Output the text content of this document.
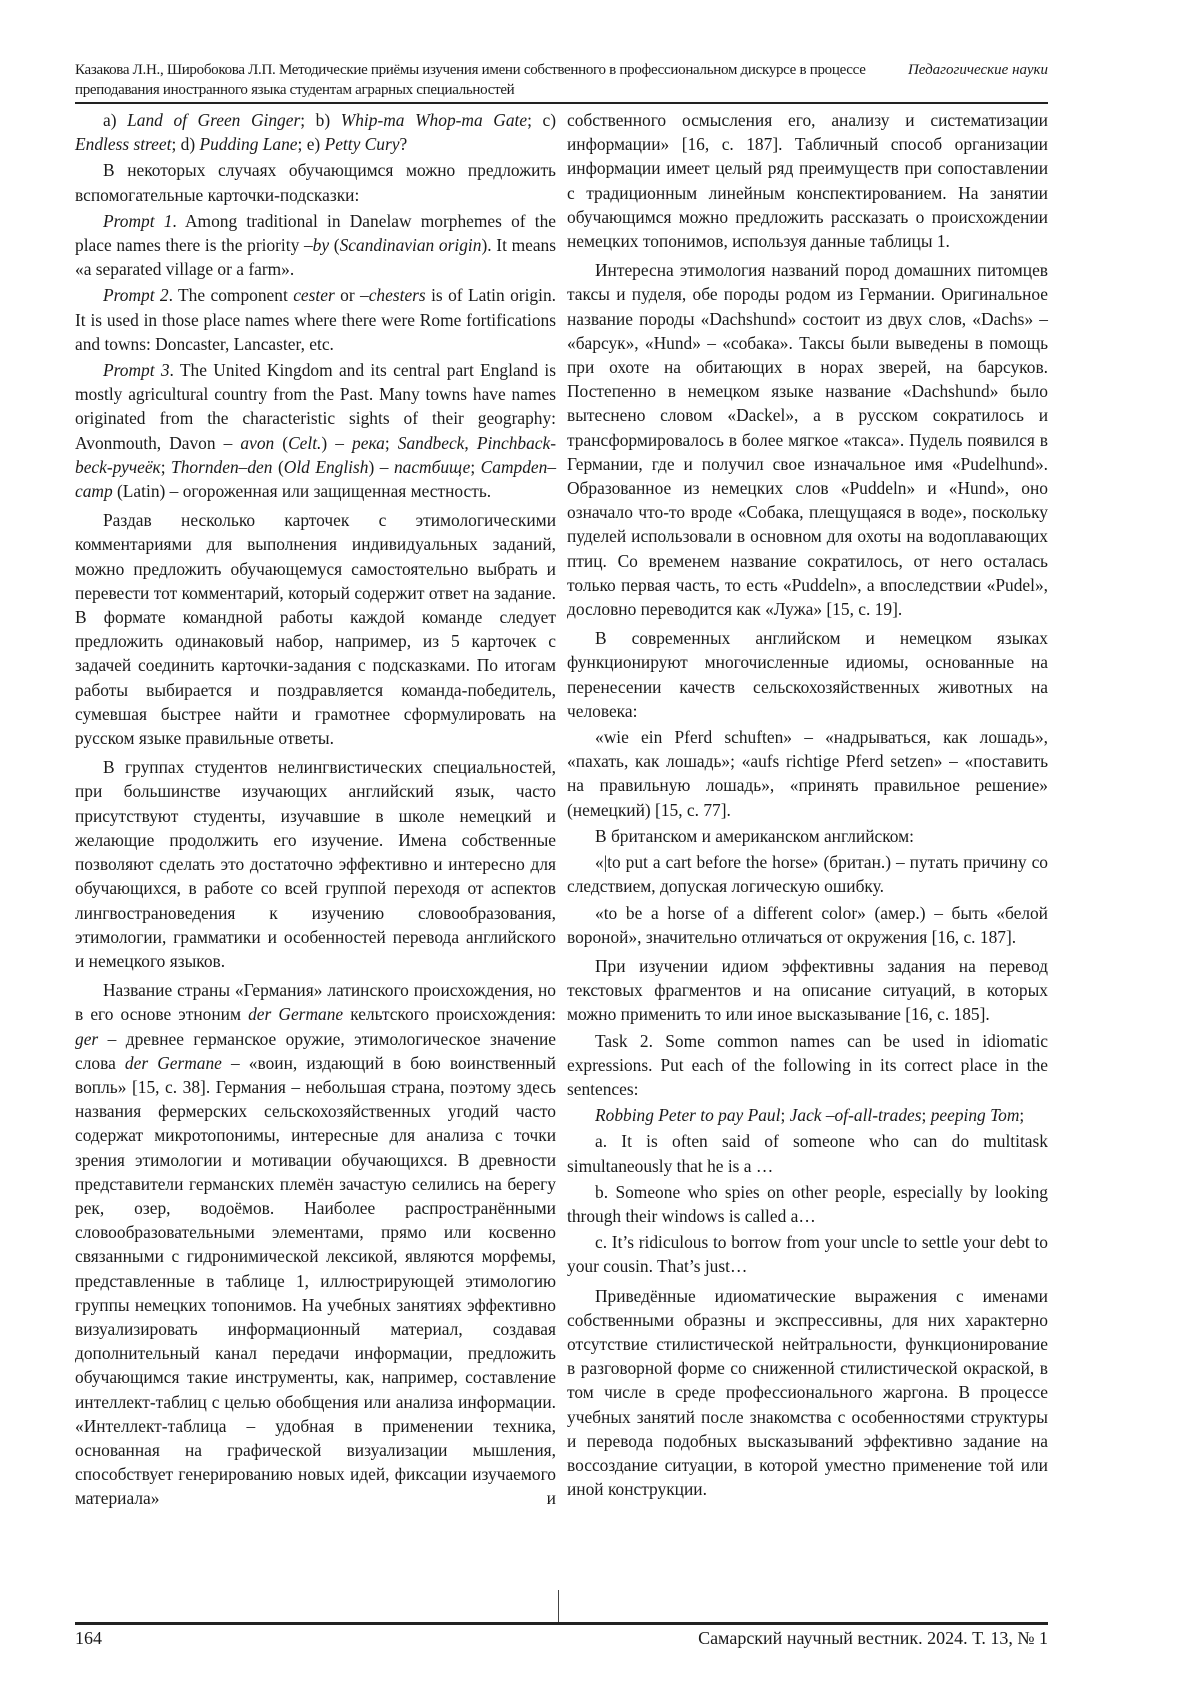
Казакова Л.Н., Широбокова Л.П. Методические приёмы изучения имени собственного в профессиональном дискурсе в процессе преподавания иностранного языка студентам аграрных специальностей
Педагогические науки

a) Land of Green Ginger; b) Whip-ma Whop-ma Gate; c) Endless street; d) Pudding Lane; e) Petty Cury?

В некоторых случаях обучающимся можно предложить вспомогательные карточки-подсказки:

Prompt 1. Among traditional in Danelaw morphemes of the place names there is the priority –by (Scandinavian origin). It means «a separated village or a farm».

Prompt 2. The component cester or –chesters is of Latin origin. It is used in those place names where there were Rome fortifications and towns: Doncaster, Lancaster, etc.

Prompt 3. The United Kingdom and its central part England is mostly agricultural country from the Past. Many towns have names originated from the characteristic sights of their geography: Avonmouth, Davon – avon (Celt.) – река; Sandbeck, Pinchback-beck-ручеёк; Thornden–den (Old English) – пастбище; Campden–camp (Latin) – огороженная или защищенная местность.

Раздав несколько карточек с этимологическими комментариями для выполнения индивидуальных заданий, можно предложить обучающемуся самостоятельно выбрать и перевести тот комментарий, который содержит ответ на задание. В формате командной работы каждой команде следует предложить одинаковый набор, например, из 5 карточек с задачей соединить карточки-задания с подсказками. По итогам работы выбирается и поздравляется команда-победитель, сумевшая быстрее найти и грамотнее сформулировать на русском языке правильные ответы.

В группах студентов нелингвистических специальностей, при большинстве изучающих английский язык, часто присутствуют студенты, изучавшие в школе немецкий и желающие продолжить его изучение. Имена собственные позволяют сделать это достаточно эффективно и интересно для обучающихся, в работе со всей группой переходя от аспектов лингвострановедения к изучению словообразования, этимологии, грамматики и особенностей перевода английского и немецкого языков.

Название страны «Германия» латинского происхождения, но в его основе этноним der Germane кельтского происхождения: ger – древнее германское оружие, этимологическое значение слова der Germane – «воин, издающий в бою воинственный вопль» [15, с. 38]. Германия – небольшая страна, поэтому здесь названия фермерских сельскохозяйственных угодий часто содержат микротопонимы, интересные для анализа с точки зрения этимологии и мотивации обучающихся. В древности представители германских племён зачастую селились на берегу рек, озер, водоёмов. Наиболее распространёнными словообразовательными элементами, прямо или косвенно связанными с гидронимической лексикой, являются морфемы, представленные в таблице 1, иллюстрирующей этимологию группы немецких топонимов. На учебных занятиях эффективно визуализировать информационный материал, создавая дополнительный канал передачи информации, предложить обучающимся такие инструменты, как, например, составление интеллект-таблиц с целью обобщения или анализа информации. «Интеллект-таблица – удобная в применении техника, основанная на графической визуализации мышления, способствует генерированию новых идей, фиксации изучаемого материала» и

собственного осмысления его, анализу и систематизации информации» [16, с. 187]. Табличный способ организации информации имеет целый ряд преимуществ при сопоставлении с традиционным линейным конспектированием. На занятии обучающимся можно предложить рассказать о происхождении немецких топонимов, используя данные таблицы 1.

Интересна этимология названий пород домашних питомцев таксы и пуделя, обе породы родом из Германии. Оригинальное название породы «Dachshund» состоит из двух слов, «Dachs» – «барсук», «Hund» – «собака». Таксы были выведены в помощь при охоте на обитающих в норах зверей, на барсуков. Постепенно в немецком языке название «Dachshund» было вытеснено словом «Dackel», а в русском сократилось и трансформировалось в более мягкое «такса». Пудель появился в Германии, где и получил свое изначальное имя «Pudelhund». Образованное из немецких слов «Puddeln» и «Hund», оно означало что-то вроде «Собака, плещущаяся в воде», поскольку пуделей использовали в основном для охоты на водоплавающих птиц. Со временем название сократилось, от него осталась только первая часть, то есть «Puddeln», а впоследствии «Pudel», дословно переводится как «Лужа» [15, с. 19].

В современных английском и немецком языках функционируют многочисленные идиомы, основанные на перенесении качеств сельскохозяйственных животных на человека:

«wie ein Pferd schuften» – «надрываться, как лошадь», «пахать, как лошадь»; «aufs richtige Pferd setzen» – «поставить на правильную лошадь», «принять правильное решение» (немецкий) [15, с. 77].

В британском и американском английском:

«|to put a cart before the horse» (британ.) – путать причину со следствием, допуская логическую ошибку.

«to be a horse of a different color» (амер.) – быть «белой вороной», значительно отличаться от окружения [16, с. 187].

При изучении идиом эффективны задания на перевод текстовых фрагментов и на описание ситуаций, в которых можно применить то или иное высказывание [16, с. 185].

Task 2. Some common names can be used in idiomatic expressions. Put each of the following in its correct place in the sentences:

Robbing Peter to pay Paul; Jack –of-all-trades; peeping Tom;

a. It is often said of someone who can do multitask simultaneously that he is a …

b. Someone who spies on other people, especially by looking through their windows is called a…

c. It’s ridiculous to borrow from your uncle to settle your debt to your cousin. That’s just…

Приведённые идиоматические выражения с именами собственными образны и экспрессивны, для них характерно отсутствие стилистической нейтральности, функционирование в разговорной форме со сниженной стилистической окраской, в том числе в среде профессионального жаргона. В процессе учебных занятий после знакомства с особенностями структуры и перевода подобных высказываний эффективно задание на воссоздание ситуации, в которой уместно применение той или иной конструкции.

164	Самарский научный вестник. 2024. Т. 13, № 1
